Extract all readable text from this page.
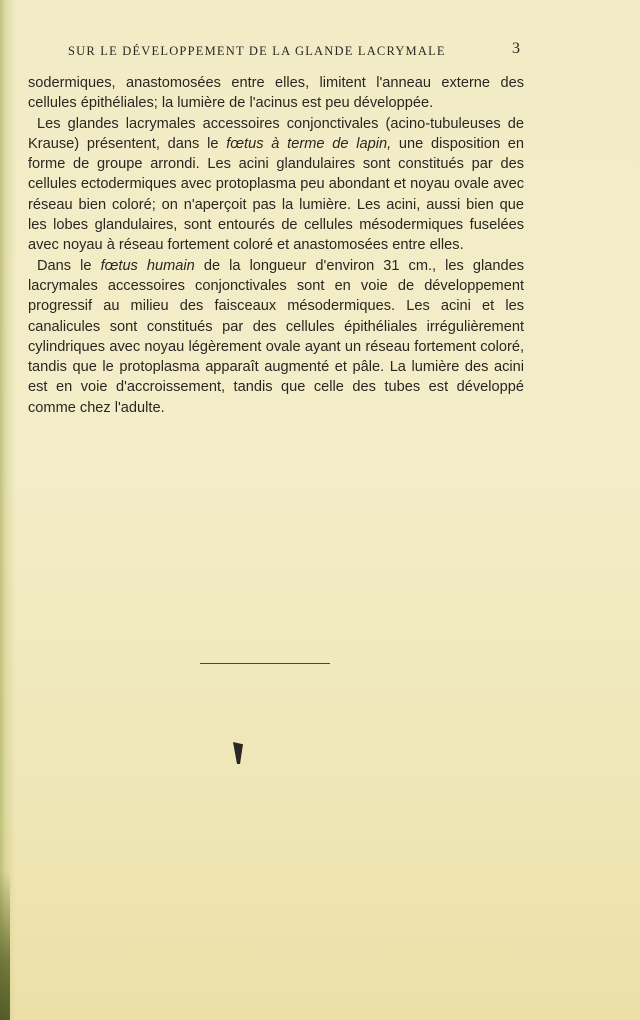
SUR LE DÉVELOPPEMENT DE LA GLANDE LACRYMALE	3

sodermiques, anastomosées entre elles, limitent l'anneau externe des cellules épithéliales; la lumière de l'acinus est peu développée.

Les glandes lacrymales accessoires conjonctivales (acino-tubuleuses de Krause) présentent, dans le fœtus à terme de lapin, une disposition en forme de groupe arrondi. Les acini glandulaires sont constitués par des cellules ectodermiques avec protoplasma peu abondant et noyau ovale avec réseau bien coloré; on n'aperçoit pas la lumière. Les acini, aussi bien que les lobes glandulaires, sont entourés de cellules mésodermiques fuselées avec noyau à réseau fortement coloré et anastomosées entre elles.

Dans le fœtus humain de la longueur d'environ 31 cm., les glandes lacrymales accessoires conjonctivales sont en voie de développement progressif au milieu des faisceaux mésodermiques. Les acini et les canalicules sont constitués par des cellules épithéliales irrégulièrement cylindriques avec noyau légèrement ovale ayant un réseau fortement coloré, tandis que le protoplasma apparaît augmenté et pâle. La lumière des acini est en voie d'accroissement, tandis que celle des tubes est développé comme chez l'adulte.
